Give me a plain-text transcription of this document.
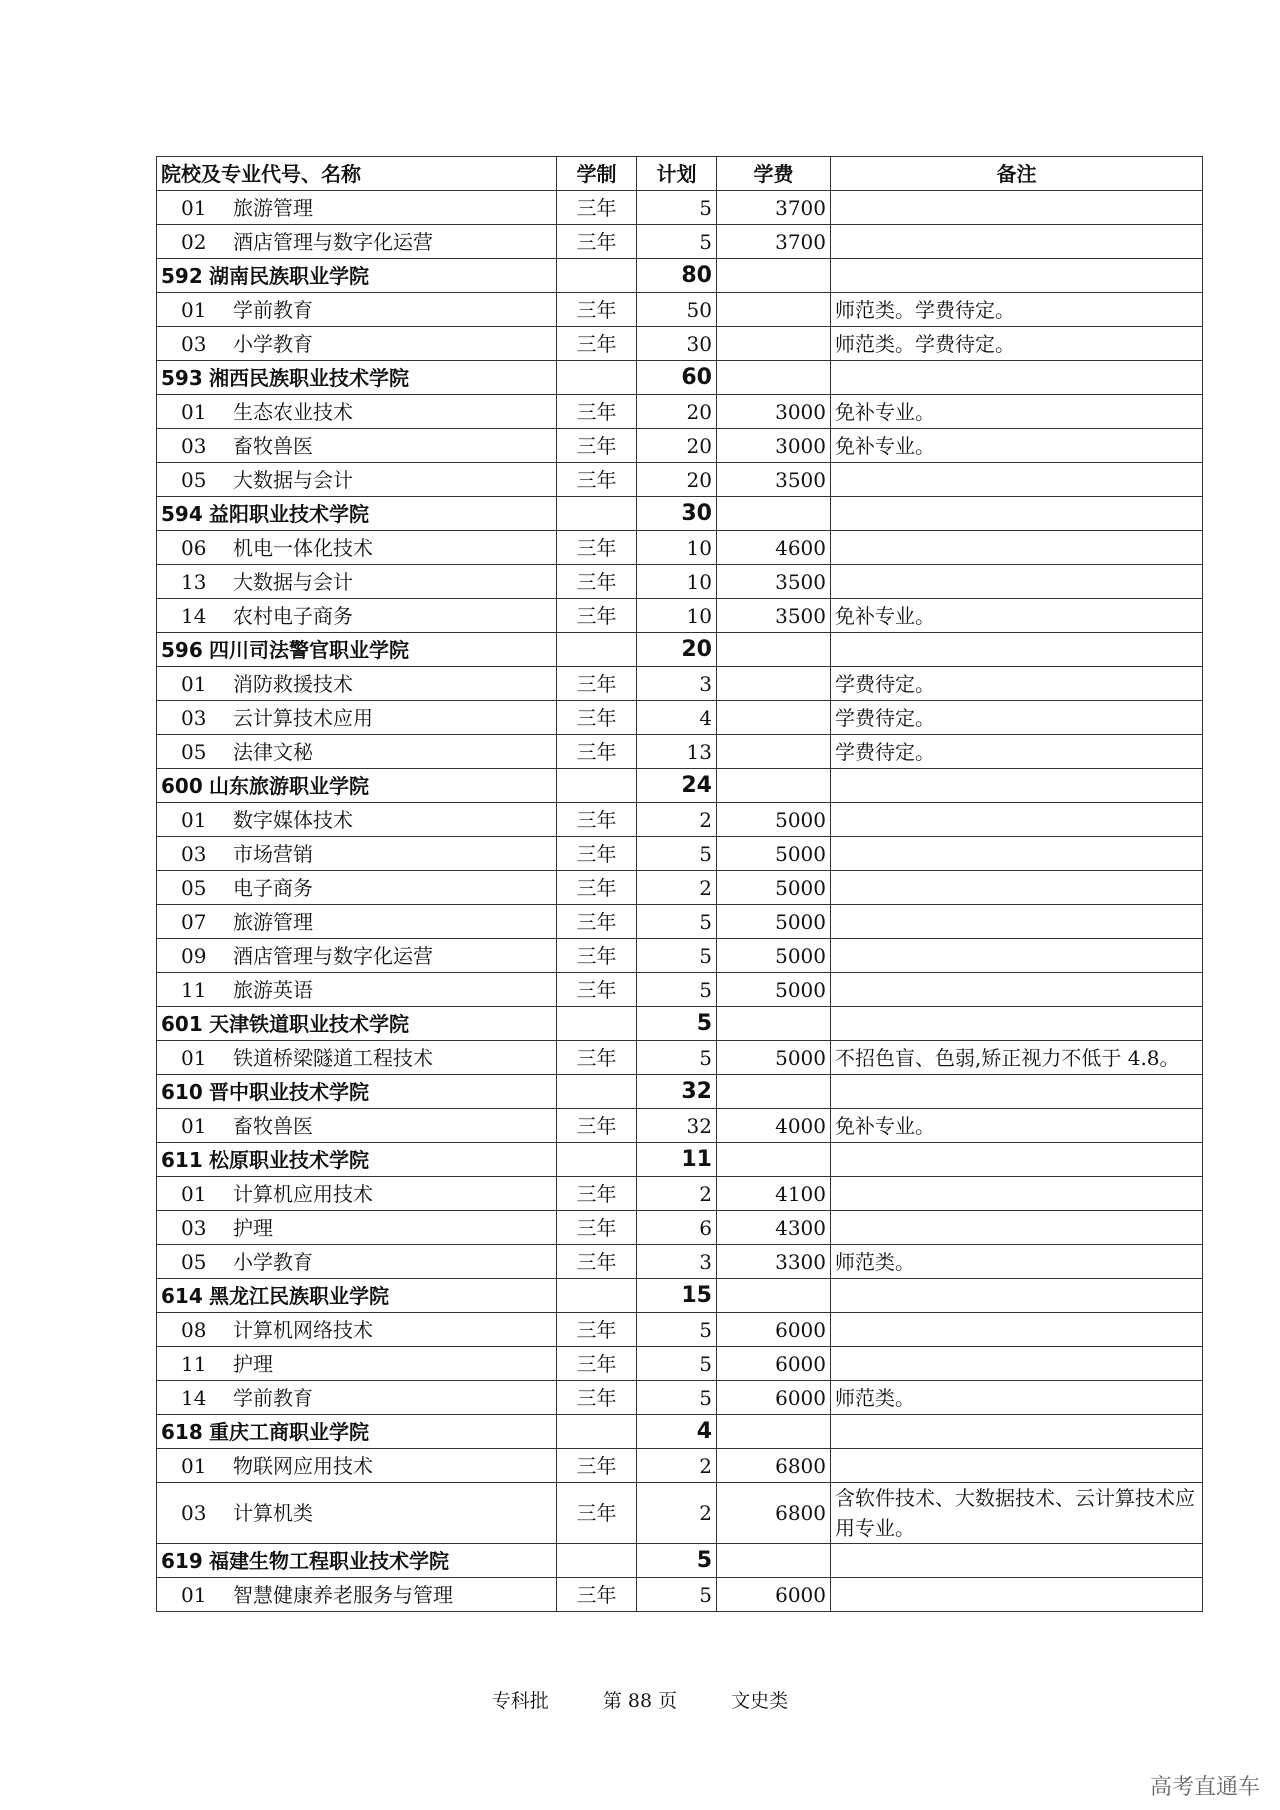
院校及专业代号、名称	学制	计划	学费	备注
01 旅游管理	三年	5	3700	
02 酒店管理与数字化运营	三年	5	3700	
592 湖南民族职业学院		80		
01 学前教育	三年	50		师范类。学费待定。
03 小学教育	三年	30		师范类。学费待定。
593 湘西民族职业技术学院		60		
01 生态农业技术	三年	20	3000	免补专业。
03 畜牧兽医	三年	20	3000	免补专业。
05 大数据与会计	三年	20	3500	
594 益阳职业技术学院		30		
06 机电一体化技术	三年	10	4600	
13 大数据与会计	三年	10	3500	
14 农村电子商务	三年	10	3500	免补专业。
596 四川司法警官职业学院		20		
01 消防救援技术	三年	3		学费待定。
03 云计算技术应用	三年	4		学费待定。
05 法律文秘	三年	13		学费待定。
600 山东旅游职业学院		24		
01 数字媒体技术	三年	2	5000	
03 市场营销	三年	5	5000	
05 电子商务	三年	2	5000	
07 旅游管理	三年	5	5000	
09 酒店管理与数字化运营	三年	5	5000	
11 旅游英语	三年	5	5000	
601 天津铁道职业技术学院		5		
01 铁道桥梁隧道工程技术	三年	5	5000	不招色盲、色弱,矫正视力不低于 4.8。
610 晋中职业技术学院		32		
01 畜牧兽医	三年	32	4000	免补专业。
611 松原职业技术学院		11		
01 计算机应用技术	三年	2	4100	
03 护理	三年	6	4300	
05 小学教育	三年	3	3300	师范类。
614 黑龙江民族职业学院		15		
08 计算机网络技术	三年	5	6000	
11 护理	三年	5	6000	
14 学前教育	三年	5	6000	师范类。
618 重庆工商职业学院		4		
01 物联网应用技术	三年	2	6800	
03 计算机类	三年	2	6800	含软件技术、大数据技术、云计算技术应用专业。
619 福建生物工程职业技术学院		5		
01 智慧健康养老服务与管理	三年	5	6000	
专科批	第 88 页	文史类
高考直通车
